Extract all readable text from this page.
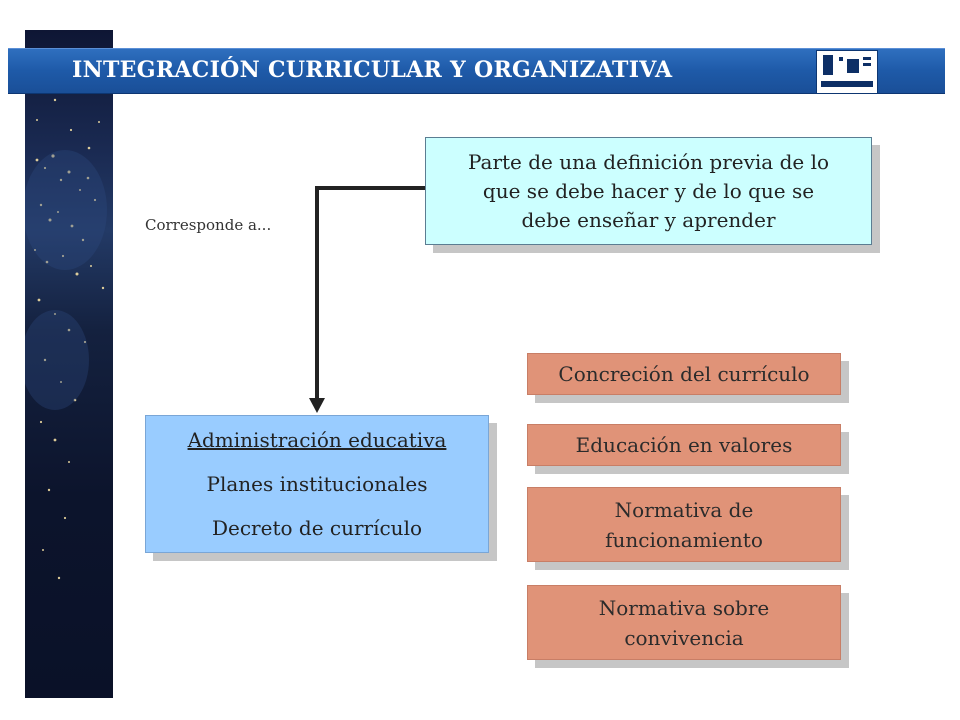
INTEGRACIÓN CURRICULAR Y ORGANIZATIVA
Corresponde a...
Parte de una definición previa de lo
que se debe hacer y de lo que se
debe enseñar y aprender
Administración educativa
Planes institucionales
Decreto de currículo
Concreción del currículo
Educación en valores
Normativa de
funcionamiento
Normativa sobre
convivencia
